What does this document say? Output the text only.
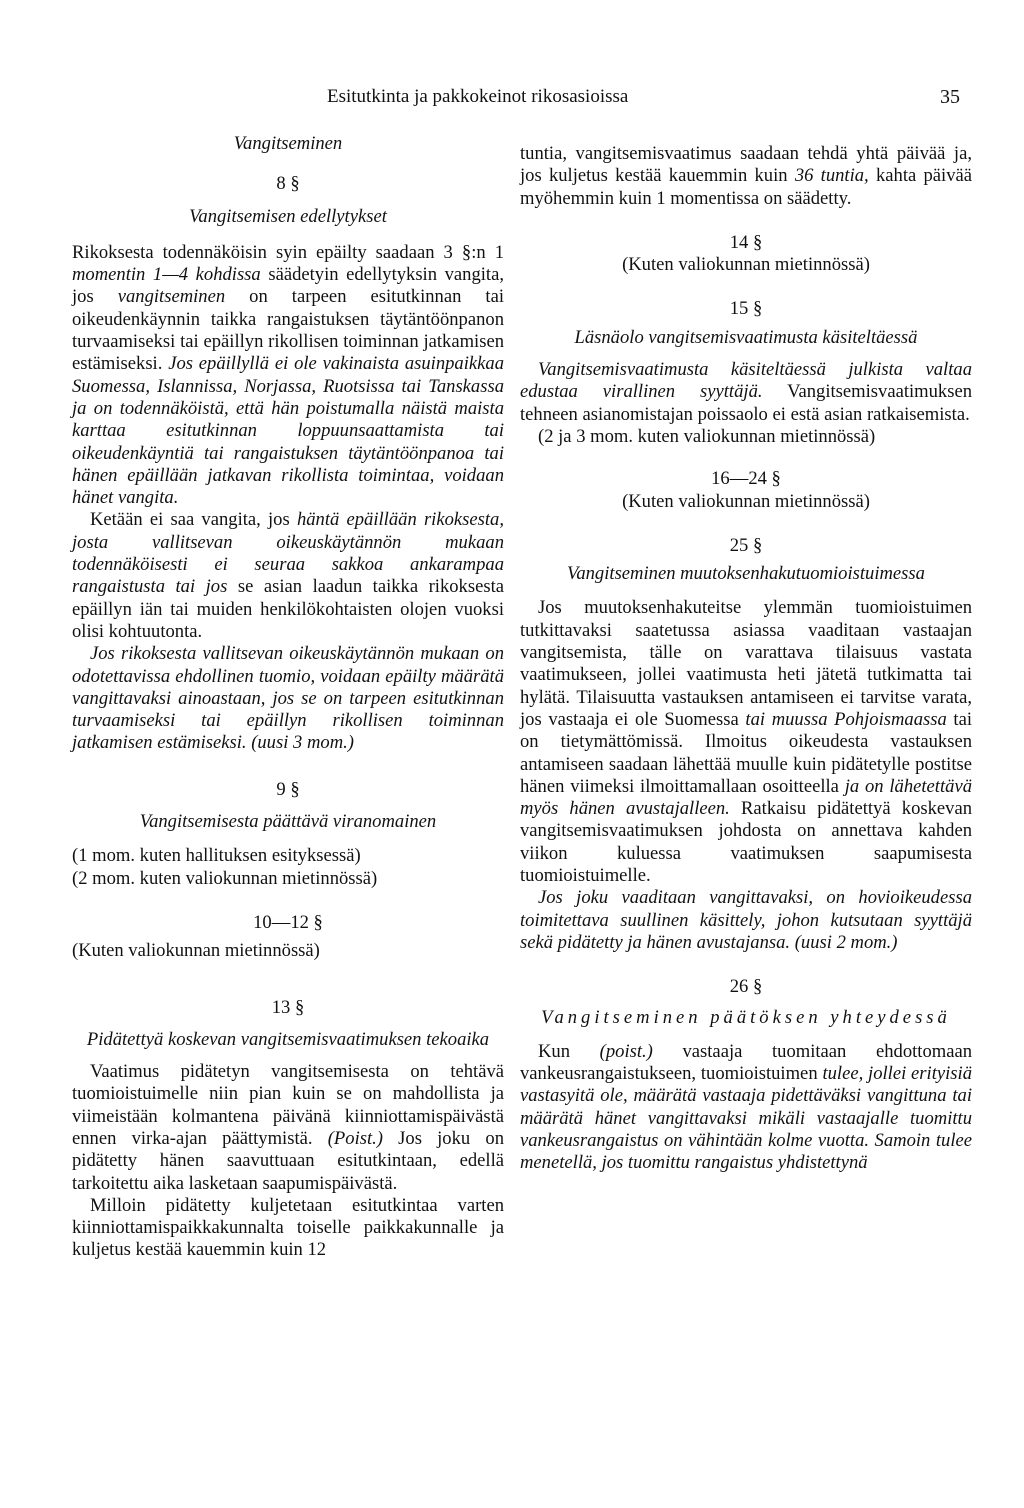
Esitutkinta ja pakkokeinot rikosasioissa	35
Vangitseminen
8 §
Vangitsemisen edellytykset
Rikoksesta todennäköisin syin epäilty saadaan 3 §:n 1 momentin 1—4 kohdissa säädetyin edellytyksin vangita, jos vangitseminen on tarpeen esitutkinnan tai oikeudenkäynnin taikka rangaistuksen täytäntöönpanon turvaamiseksi tai epäillyn rikollisen toiminnan jatkamisen estämiseksi. Jos epäillyllä ei ole vakinaista asuinpaikkaa Suomessa, Islannissa, Norjassa, Ruotsissa tai Tanskassa ja on todennäköistä, että hän poistumalla näistä maista karttaa esitutkinnan loppuunsaattamista tai oikeudenkäyntiä tai rangaistuksen täytäntöönpanoa tai hänen epäillään jatkavan rikollista toimintaa, voidaan hänet vangita.
Ketään ei saa vangita, jos häntä epäillään rikoksesta, josta vallitsevan oikeuskäytännön mukaan todennäköisesti ei seuraa sakkoa ankarampaa rangaistusta tai jos se asian laadun taikka rikoksesta epäillyn iän tai muiden henkilökohtaisten olojen vuoksi olisi kohtuutonta.
Jos rikoksesta vallitsevan oikeuskäytännön mukaan on odotettavissa ehdollinen tuomio, voidaan epäilty määrätä vangittavaksi ainoastaan, jos se on tarpeen esitutkinnan turvaamiseksi tai epäillyn rikollisen toiminnan jatkamisen estämiseksi. (uusi 3 mom.)
9 §
Vangitsemisesta päättävä viranomainen
(1 mom. kuten hallituksen esityksessä)
(2 mom. kuten valiokunnan mietinnössä)
10—12 §
(Kuten valiokunnan mietinnössä)
13 §
Pidätettyä koskevan vangitsemisvaatimuksen tekoaika
Vaatimus pidätetyn vangitsemisesta on tehtävä tuomioistuimelle niin pian kuin se on mahdollista ja viimeistään kolmantena päivänä kiinniottamispäivästä ennen virka-ajan päättymistä. (Poist.) Jos joku on pidätetty hänen saavuttuaan esitutkintaan, edellä tarkoitettu aika lasketaan saapumispäivästä.
Milloin pidätetty kuljetetaan esitutkintaa varten kiinniottamispaikkakunnalta toiselle paikkakunnalle ja kuljetus kestää kauemmin kuin 12
tuntia, vangitsemisvaatimus saadaan tehdä yhtä päivää ja, jos kuljetus kestää kauemmin kuin 36 tuntia, kahta päivää myöhemmin kuin 1 momentissa on säädetty.
14 §
(Kuten valiokunnan mietinnössä)
15 §
Läsnäolo vangitsemisvaatimusta käsiteltäessä
Vangitsemisvaatimusta käsiteltäessä julkista valtaa edustaa virallinen syyttäjä. Vangitsemisvaatimuksen tehneen asianomistajan poissaolo ei estä asian ratkaisemista.
(2 ja 3 mom. kuten valiokunnan mietinnössä)
16—24 §
(Kuten valiokunnan mietinnössä)
25 §
Vangitseminen muutoksenhakutuomioistuimessa
Jos muutoksenhakuteitse ylemmän tuomioistuimen tutkittavaksi saatetussa asiassa vaaditaan vastaajan vangitsemista, tälle on varattava tilaisuus vastata vaatimukseen, jollei vaatimusta heti jätetä tutkimatta tai hylätä. Tilaisuutta vastauksen antamiseen ei tarvitse varata, jos vastaaja ei ole Suomessa tai muussa Pohjoismaassa tai on tietymättömissä. Ilmoitus oikeudesta vastauksen antamiseen saadaan lähettää muulle kuin pidätetylle postitse hänen viimeksi ilmoittamallaan osoitteella ja on lähetettävä myös hänen avustajalleen. Ratkaisu pidätettyä koskevan vangitsemisvaatimuksen johdosta on annettava kahden viikon kuluessa vaatimuksen saapumisesta tuomioistuimelle.
Jos joku vaaditaan vangittavaksi, on hovioikeudessa toimitettava suullinen käsittely, johon kutsutaan syyttäjä sekä pidätetty ja hänen avustajansa. (uusi 2 mom.)
26 §
Vangitseminen päätöksen yhteydessä
Kun (poist.) vastaaja tuomitaan ehdottomaan vankeusrangaistukseen, tuomioistuimen tulee, jollei erityisiä vastasyitä ole, määrätä vastaaja pidettäväksi vangittuna tai määrätä hänet vangittavaksi mikäli vastaajalle tuomittu vankeusrangaistus on vähintään kolme vuotta. Samoin tulee menetellä, jos tuomittu rangaistus yhdistettynä
